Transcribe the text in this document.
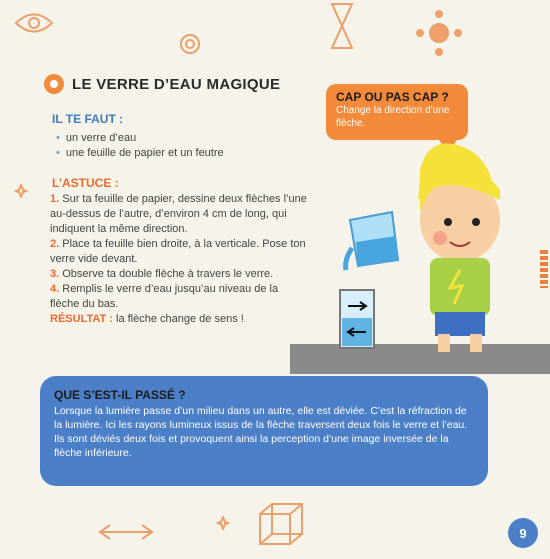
LE VERRE D’EAU MAGIQUE
IL TE FAUT :
• un verre d’eau
• une feuille de papier et un feutre
L’ASTUCE :

1. Sur ta feuille de papier, dessine deux flèches l’une au-dessus de l’autre, d’environ 4 cm de long, qui indiquent la même direction.

2. Place ta feuille bien droite, à la verticale. Pose ton verre vide devant.

3. Observe ta double flèche à travers le verre.

4. Remplis le verre d’eau jusqu’au niveau de la flèche du bas.

RÉSULTAT : la flèche change de sens !

CAP OU PAS CAP ?
Change la direction d’une flèche.
QUE S’EST-IL PASSÉ ?
Lorsque la lumière passe d’un milieu dans un autre, elle est déviée. C’est la réfraction de la lumière. Ici les rayons lumineux issus de la flèche traversent deux fois le verre et l’eau. Ils sont déviés deux fois et provoquent ainsi la perception d’une image inversée de la flèche inférieure.
9
